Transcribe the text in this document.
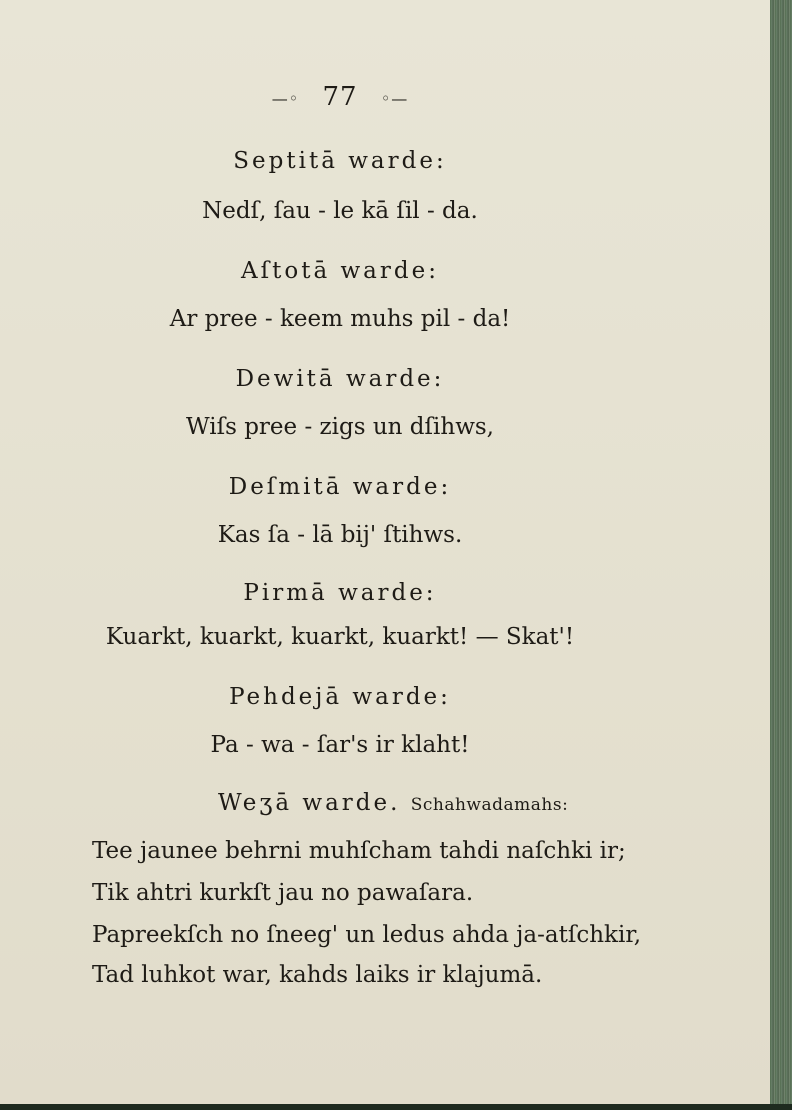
—◦ 77 ◦—
Septitā warde:
Nedſ, ſau - le kā ſil - da.
Aſtotā warde:
Ar pree - keem muhs pil - da!
Dewitā warde:
Wiſs pree - zigs un dſihws,
Deſmitā warde:
Kas ſa - lā bij' ſtihws.
Pirmā warde:
Kuarkt, kuarkt, kuarkt, kuarkt! — Skat'!
Pehdejā warde:
Pa - wa - ſar's ir klaht!
Weʒā warde. Schahwadamahs:
Tee jaunee behrni muhſcham tahdi naſchki ir;
Tik ahtri kurkſt jau no pawaſara.
Papreekſch no ſneeg' un ledus ahda ja-atſchkir,
Tad luhkot war, kahds laiks ir klajumā.
